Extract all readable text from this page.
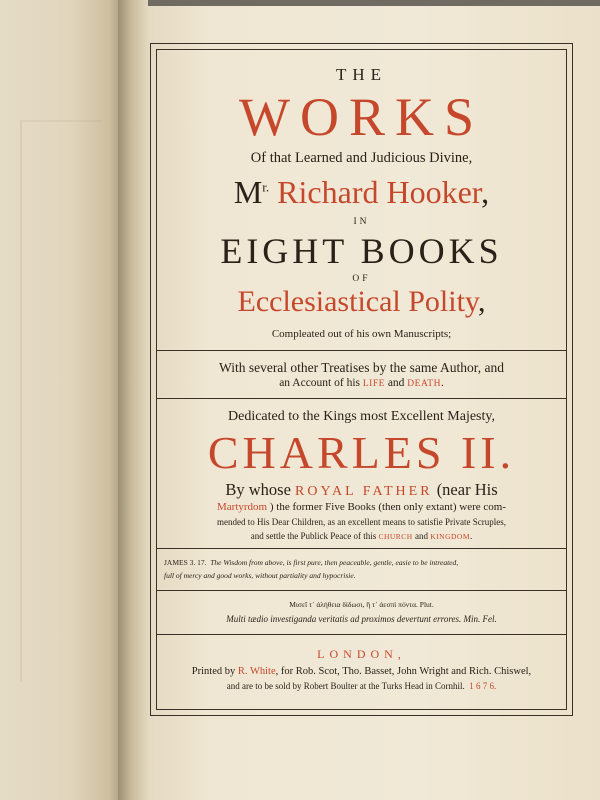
THE
WORKS
Of that Learned and Judicious Divine,
$M^{r.}$ Richard Hooker,
IN
EIGHT BOOKS
OF
Ecclesiastical Polity,
Compleated out of his own Manuscripts;
With several other Treatises by the same Author, and
an Account of his LIFE and DEATH.
Dedicated to the Kings most Excellent Majesty,
CHARLES II.
By whose ROYAL FATHER (near His
Martyrdom ) the former Five Books (then only extant) were com-
mended to His Dear Children, as an excellent means to satisfie Private Scruples,
and settle the Publick Peace of this CHURCH and KINGDOM.
JAMES 3. 17. The Wisdom from above, is first pure, then peaceable, gentle, easie to be intreated,
full of mercy and good works, without partiality and hypocrisie.
Μισεῖ τ᾽ ἀλήθεια δίδωσι, ἢ τ᾽ ἀεσπὶ πόντα. Plut.
Multi tædio investiganda veritatis ad proximos devertunt errores. Min. Fel.
LONDON,
Printed by R. White, for Rob. Scot, Tho. Basset, John Wright and Rich. Chiswel,
and are to be sold by Robert Boulter at the Turks Head in Cornhil. 1 6 7 6.
